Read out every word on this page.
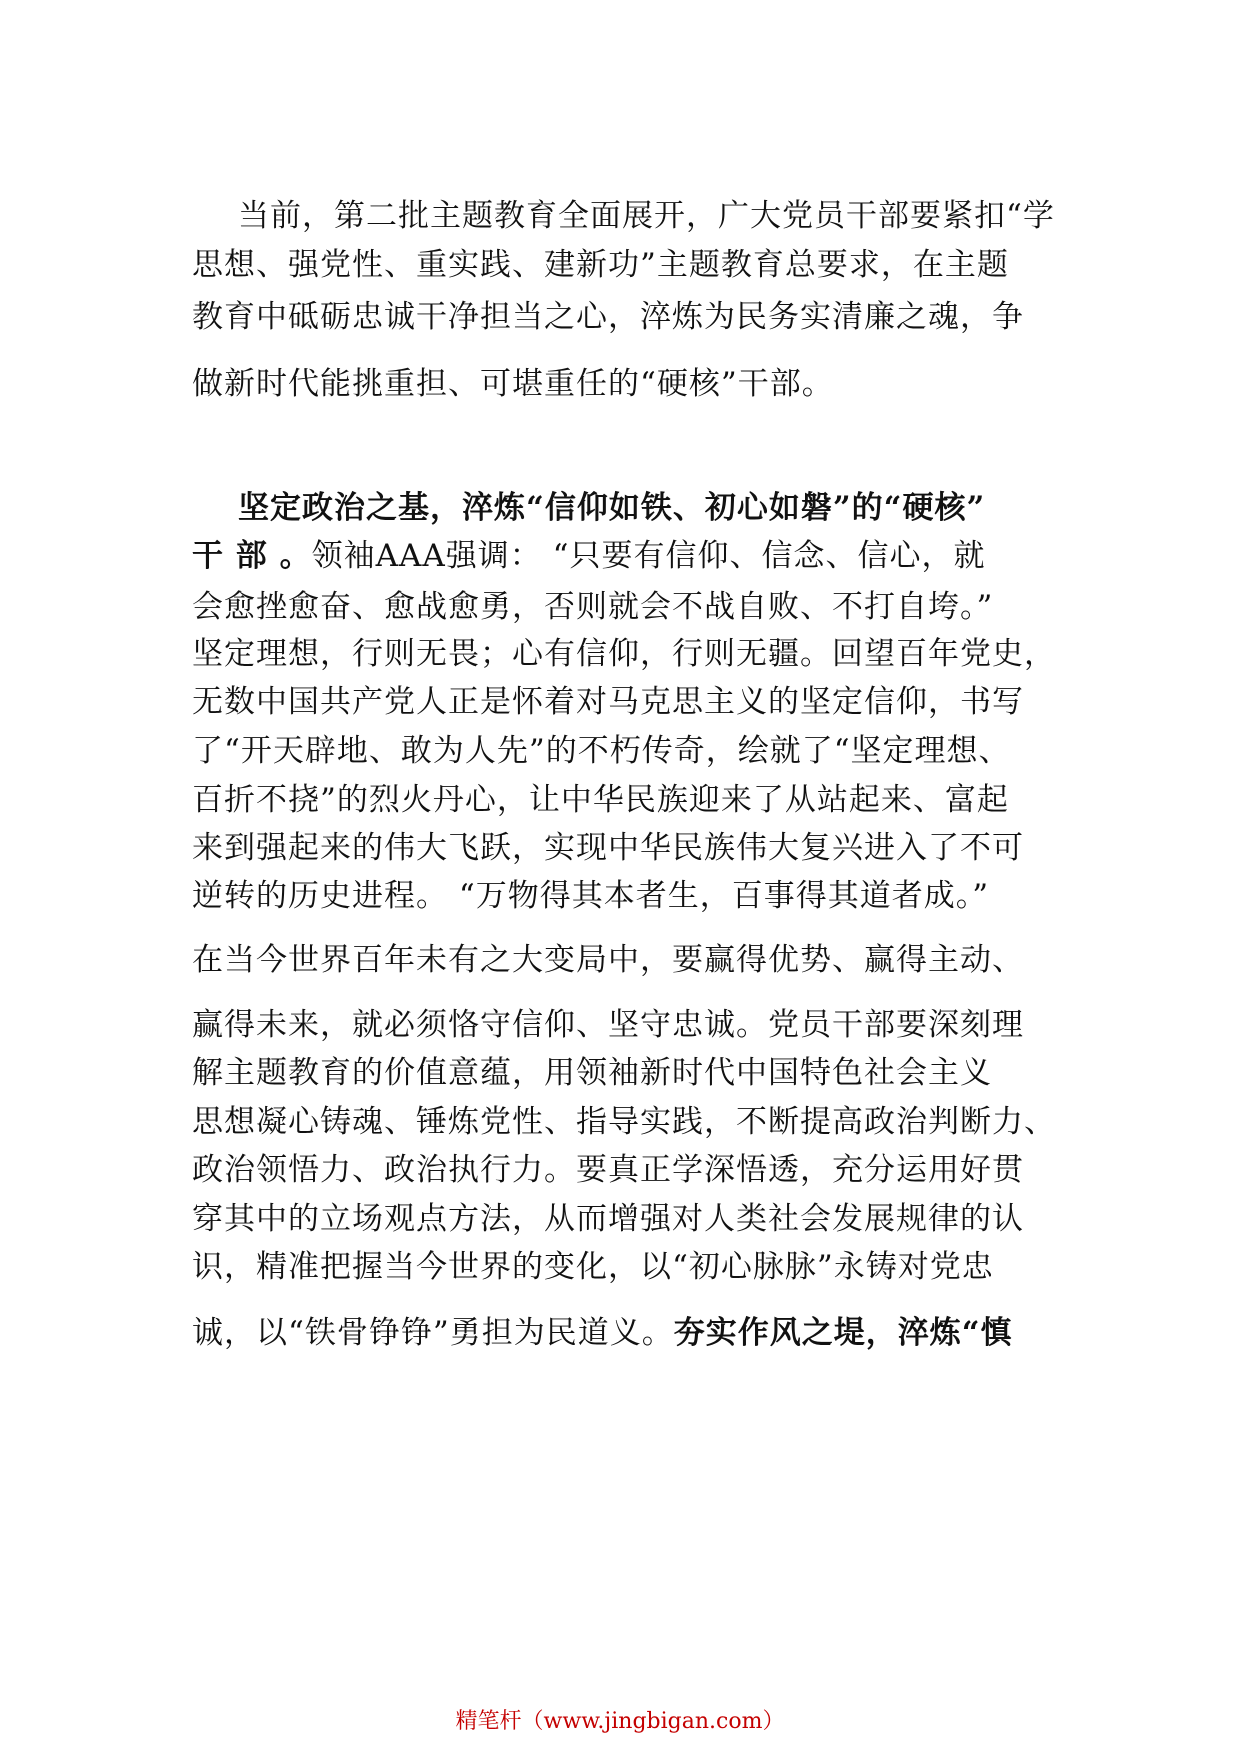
当前，第二批主题教育全面展开，广大党员干部要紧扣“学
思想、强党性、重实践、建新功”主题教育总要求，在主题
教育中砥砺忠诚干净担当之心，淬炼为民务实清廉之魂，争
做新时代能挑重担、可堪重任的“硬核”干部。
坚定政治之基，淬炼“信仰如铁、初心如磐”的“硬核”
干 部 。领袖AAA强调： “只要有信仰、信念、信心，就
会愈挫愈奋、愈战愈勇，否则就会不战自败、不打自垮。”
坚定理想，行则无畏；心有信仰，行则无疆。回望百年党史，
无数中国共产党人正是怀着对马克思主义的坚定信仰，书写
了“开天辟地、敢为人先”的不朽传奇，绘就了“坚定理想、
百折不挠”的烈火丹心，让中华民族迎来了从站起来、富起
来到强起来的伟大飞跃，实现中华民族伟大复兴进入了不可
逆转的历史进程。 “万物得其本者生，百事得其道者成。”
在当今世界百年未有之大变局中，要赢得优势、赢得主动、
赢得未来，就必须恪守信仰、坚守忠诚。党员干部要深刻理
解主题教育的价值意蕴，用领袖新时代中国特色社会主义
思想凝心铸魂、锤炼党性、指导实践，不断提高政治判断力、
政治领悟力、政治执行力。要真正学深悟透，充分运用好贯
穿其中的立场观点方法，从而增强对人类社会发展规律的认
识，精准把握当今世界的变化，以“初心脉脉”永铸对党忠
诚，以“铁骨铮铮”勇担为民道义。夯实作风之堤，淬炼“慎
精笔杆（www.jingbigan.com）
